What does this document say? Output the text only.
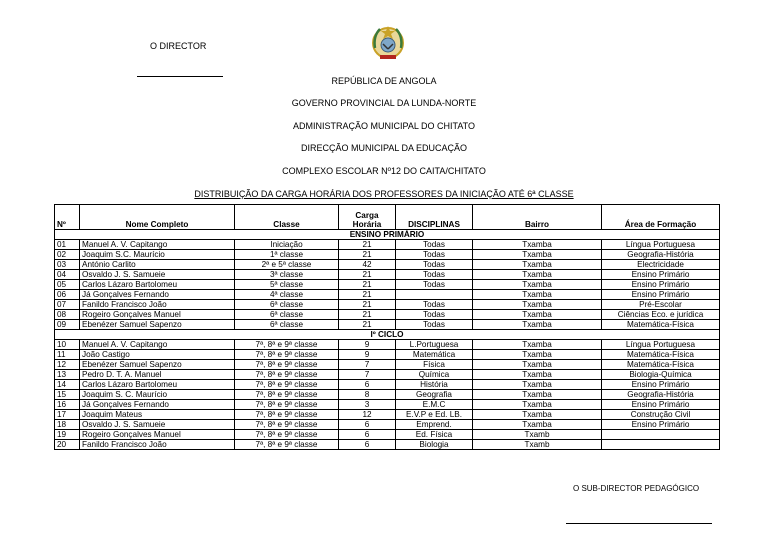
O DIRECTOR
REPÚBLICA DE ANGOLA
GOVERNO PROVINCIAL DA LUNDA-NORTE
ADMINISTRAÇÃO MUNICIPAL DO CHITATO
DIRECÇÃO MUNICIPAL DA EDUCAÇÃO
COMPLEXO ESCOLAR Nº12 DO CAITA/CHITATO
DISTRIBUIÇÃO DA CARGA HORÁRIA DOS PROFESSORES DA INICIAÇÃO ATÉ 6ª CLASSE
Nº	Nome Completo	Classe	Carga
Horária	DISCIPLINAS	Bairro	Área de Formação
ENSINO PRIMÁRIO						
01	Manuel A. V. Capitango	Iniciação	21	Todas	Txamba	Língua Portuguesa
02	Joaquim S.C. Maurício	1ª classe	21	Todas	Txamba	Geografia-História
03	António Carlito	2ª e 5ª classe	42	Todas	Txamba	Electricidade
04	Osvaldo J. S. Samueie	3ª classe	21	Todas	Txamba	Ensino Primário
05	Carlos Lázaro Bartolomeu	5ª classe	21	Todas	Txamba	Ensino Primário
06	Já Gonçalves Fernando	4ª classe	21		Txamba	Ensino Primário
07	Fanildo Francisco João	6ª classe	21	Todas	Txamba	Pré-Escolar
08	Rogeiro Gonçalves Manuel	6ª classe	21	Todas	Txamba	Ciências Eco. e jurídica
09	Ebenézer Samuel Sapenzo	6ª classe	21	Todas	Txamba	Matemática-Física
Iº CICLO						
10	Manuel A. V. Capitango	7ª, 8ª e 9ª classe	9	L.Portuguesa	Txamba	Língua Portuguesa
11	João Castigo	7ª, 8ª e 9ª classe	9	Matemática	Txamba	Matemática-Física
12	Ebenézer Samuel Sapenzo	7ª, 8ª e 9ª classe	7	Física	Txamba	Matemática-Física
13	Pedro D. T. A. Manuel	7ª, 8ª e 9ª classe	7	Química	Txamba	Biologia-Química
14	Carlos Lázaro Bartolomeu	7ª, 8ª e 9ª classe	6	História	Txamba	Ensino Primário
15	Joaquim S. C. Maurício	7ª, 8ª e 9ª classe	8	Geografia	Txamba	Geografia-História
16	Já Gonçalves Fernando	7ª, 8ª e 9ª classe	3	E.M.C	Txamba	Ensino Primário
17	Joaquim Mateus	7ª, 8ª e 9ª classe	12	E.V.P e Ed. LB.	Txamba	Construção Civil
18	Osvaldo J. S. Samueie	7ª, 8ª e 9ª classe	6	Emprend.	Txamba	Ensino Primário
19	Rogeiro Gonçalves Manuel	7ª, 8ª e 9ª classe	6	Ed. Física	Txamb	
20	Fanildo Francisco João	7ª, 8ª e 9ª classe	6	Biologia	Txamb	
O SUB-DIRECTOR PEDAGÓGICO
